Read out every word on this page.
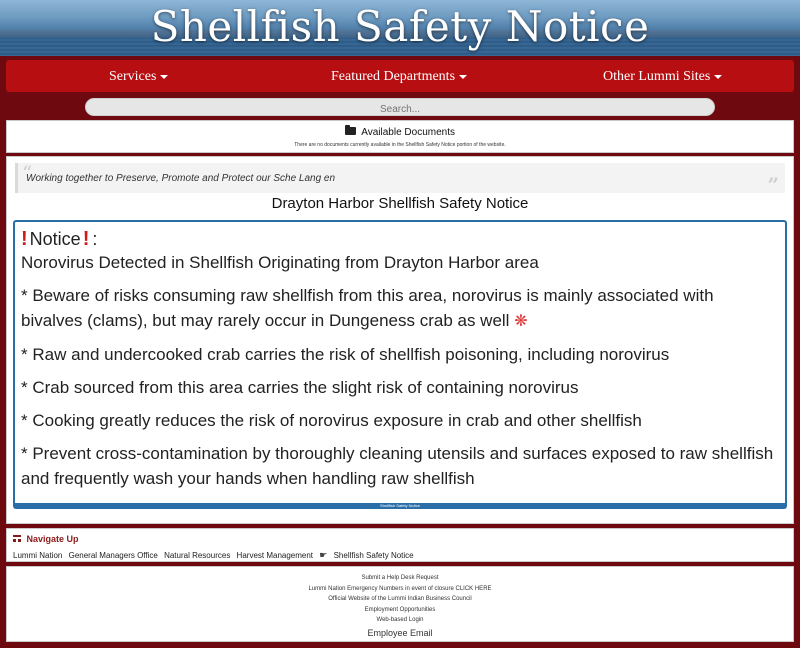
Shellfish Safety Notice
Services	Featured Departments	Other Lummi Sites
Search...
Available Documents
There are no documents currently available in the Shellfish Safety Notice portion of the website.
“
Working together to Preserve, Promote and Protect our Sche Lang en	”
Drayton Harbor Shellfish Safety Notice
! Notice ! :

Norovirus Detected in Shellfish Originating from Drayton Harbor area

* Beware of risks consuming raw shellfish from this area, norovirus is mainly associated with bivalves (clams), but may rarely occur in Dungeness crab as well ❋

* Raw and undercooked crab carries the risk of shellfish poisoning, including norovirus

* Crab sourced from this area carries the slight risk of containing norovirus

* Cooking greatly reduces the risk of norovirus exposure in crab and other shellfish

* Prevent cross-contamination by thoroughly cleaning utensils and surfaces exposed to raw shellfish and frequently wash your hands when handling raw shellfish

Shellfish Safety Notice
Navigate Up
Lummi Nation General Managers Office Natural Resources Harvest Management ☛ Shellfish Safety Notice
Submit a Help Desk Request
Lummi Nation Emergency Numbers in event of closure CLICK HERE
Official Website of the Lummi Indian Business Council
Employment Opportunities
Web-based Login
Employee Email
